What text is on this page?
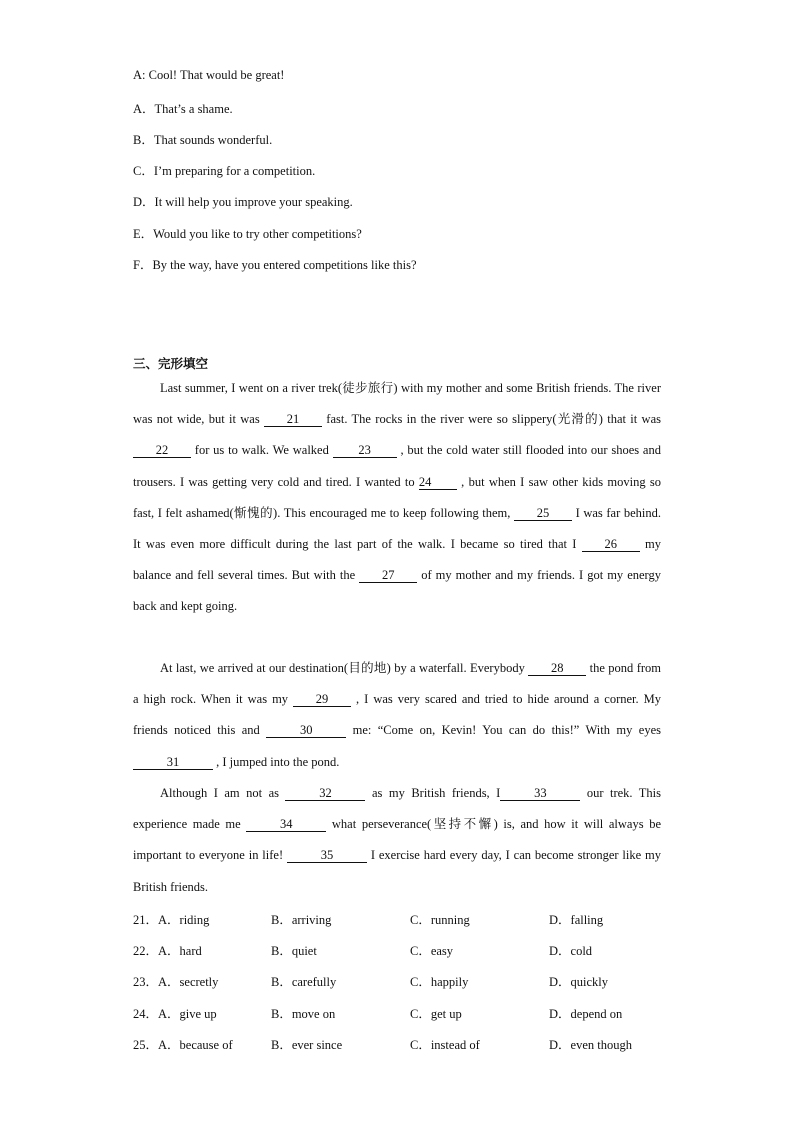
A: Cool! That would be great!
A．That’s a shame.
B．That sounds wonderful.
C．I’m preparing for a competition.
D．It will help you improve your speaking.
E．Would you like to try other competitions?
F．By the way, have you entered competitions like this?
三、完形填空
Last summer, I went on a river trek(徒步旅行) with my mother and some British friends. The river was not wide, but it was 21 fast. The rocks in the river were so slippery(光滑的) that it was 22 for us to walk. We walked 23 , but the cold water still flooded into our shoes and trousers. I was getting very cold and tired. I wanted to 24 , but when I saw other kids moving so fast, I felt ashamed(惭愧的). This encouraged me to keep following them, 25 I was far behind. It was even more difficult during the last part of the walk. I became so tired that I 26 my balance and fell several times. But with the 27 of my mother and my friends. I got my energy back and kept going.
At last, we arrived at our destination(目的地) by a waterfall. Everybody 28 the pond from a high rock. When it was my 29 , I was very scared and tried to hide around a corner. My friends noticed this and	30	me: “Come on, Kevin! You can do this!” With my eyes 31	, I jumped into the pond.
Although I am not as	32	as my British friends, I	33	our trek. This experience made me	34	what perseverance(坚持不懈) is, and how it will always be important to everyone in life!	35	I exercise hard every day, I can become stronger like my British friends.
21．A．riding	B．arriving	C．running	D．falling
22．A．hard	B．quiet	C．easy	D．cold
23．A．secretly	B．carefully	C．happily	D．quickly
24．A．give up	B．move on	C．get up	D．depend on
25．A．because of	B．ever since	C．instead of	D．even though
